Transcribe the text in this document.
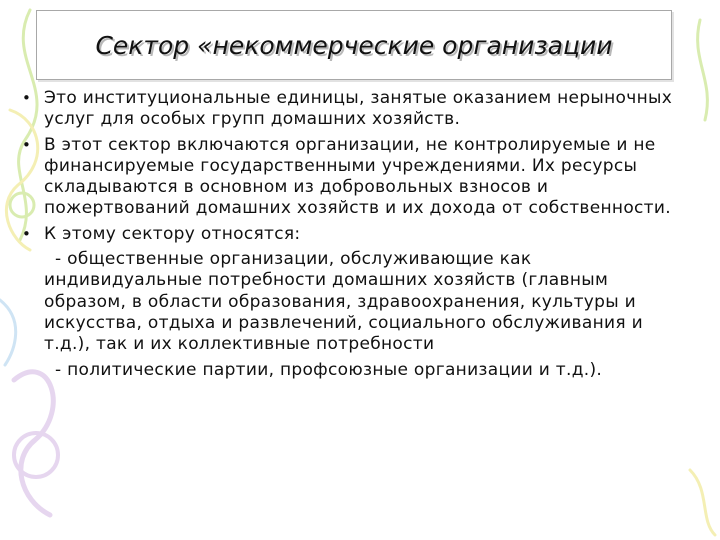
Сектор «некоммерческие организации
• Это институциональные единицы, занятые оказанием нерыночных услуг для особых групп домашних хозяйств.
• В этот сектор включаются организации, не контролируемые и не финансируемые государственными учреждениями. Их ресурсы складываются в основном из добровольных взносов и пожертвований домашних хозяйств и их дохода от собственности.
• К этому сектору относятся:
- общественные организации, обслуживающие как индивидуальные потребности домашних хозяйств (главным образом, в области образования, здравоохранения, культуры и искусства, отдыха и развлечений, социального обслуживания и т.д.), так и их коллективные потребности
- политические партии, профсоюзные организации и т.д.).
